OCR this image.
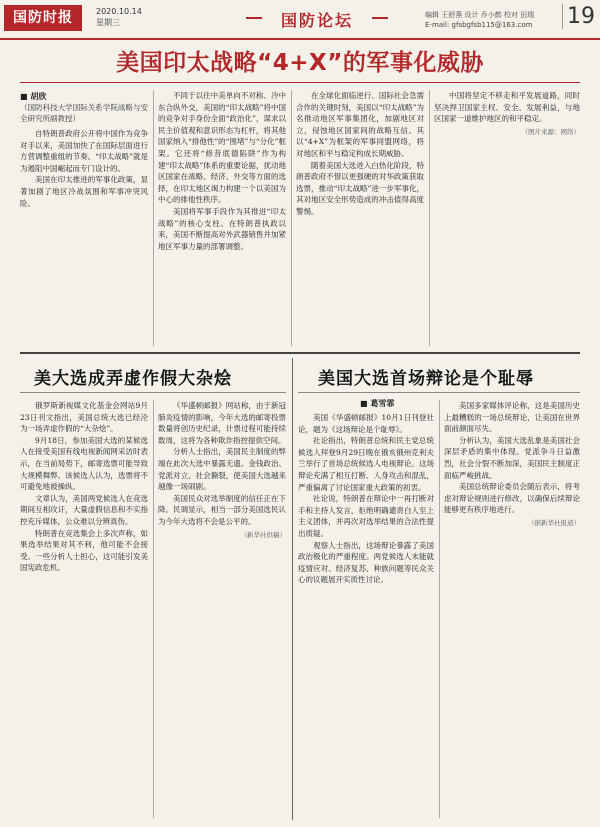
国防时报	2020.10.14
星期三	国防论坛	编辑 王舒燕 设计 乔小鹤 校对 田瑞
E-mail: gfsbgfsb115@163.com	19
美国印太战略“4+X”的军事化威胁
■ 胡欣
（国防科技大学国际关系学院战略与安全研究所副教授）

自特朗普政府公开将中国作为竞争对手以来，美国加快了在国际层面进行方营调整重组的节奏。“印太战略”就是为遏阻中国崛起而专门设计的。

美国在印太推进的军事化政策，显著加剧了地区冷战氛围和军事冲突风险。

不同于以往中美单向不对称、冷中东合纵外交，美国的“印太战略”将中国的竞争对手身份全面“政治化”，谋求以民主价值观和意识形态为杠杆，将其他国家纳入“排他性”的“围堵”与“分化”框架。它还将“修昔底德陷阱”作为构建“印太战略”体系的重要论据，扰动地区国家在战略、经济、外交等方面的选择，在印太地区竭力构建一个以美国为中心的排他性秩序。

美国将军事手段作为其推进“印太战略”的核心支柱。在特朗普执政以来，美国不断提高对外武器销售并加紧地区军事力量的部署调整。

在全球化面临逆行、国际社会急需合作的关键时刻，美国以“印太战略”为名推动地区军事集团化，加剧地区对立，侵蚀地区国家间的战略互信。其以“4+X”为框架的军事同盟网络，将对地区和平与稳定构成长期威胁。

随着美国大选进入白热化阶段，特朗普政府不惜以更强硬的对华政策获取选票，推动“印太战略”进一步军事化，其对地区安全形势造成的冲击值得高度警惕。

中国将坚定不移走和平发展道路，同时坚决捍卫国家主权、安全、发展利益，与地区国家一道维护地区的和平稳定。

（图片来源：网络）
美大选成弄虚作假大杂烩

俄罗斯新视媒文化基金会网站9月23日刊文指出，美国总统大选已经沦为一场弄虚作假的“大杂烩”。

9月18日，参加美国大选的某候选人在接受美国有线电视新闻网采访时表示，在当前局势下，邮寄选票可能导致大规模舞弊。该候选人认为，选票将不可避免地被操纵。

文章认为，美国两党候选人在竞选期间互相攻讦，大量虚假信息和不实指控充斥媒体，公众难以分辨真伪。

特朗普在竞选集会上多次声称，如果选举结果对其不利，他可能不会接受。一些分析人士担心，这可能引发美国宪政危机。

《华盛顿邮报》网站称，由于新冠肺炎疫情的影响，今年大选的邮寄投票数量将创历史纪录，计票过程可能持续数周，这将为各种欺诈指控提供空间。

分析人士指出，美国民主制度的弊端在此次大选中暴露无遗。金钱政治、党派对立、社会撕裂，使美国大选越来越像一场闹剧。

美国民众对选举制度的信任正在下降。民调显示，相当一部分美国选民认为今年大选将不会是公平的。

（新华社供稿）
美国大选首场辩论是个耻辱
■ 葛雪霏

美国《华盛顿邮报》10月1日刊登社论，题为《这场辩论是个耻辱》。

社论指出，特朗普总统和民主党总统候选人拜登9月29日晚在俄亥俄州克利夫兰举行了首场总统候选人电视辩论。这场辩论充满了相互打断、人身攻击和混乱，严重偏离了讨论国家重大政策的初衷。

社论说，特朗普在辩论中一再打断对手和主持人发言，拒绝明确谴责白人至上主义团体，并再次对选举结果的合法性提出质疑。

观察人士指出，这场辩论暴露了美国政治极化的严重程度。两党候选人未能就疫情应对、经济复苏、种族问题等民众关心的议题展开实质性讨论。

美国多家媒体评论称，这是美国历史上最糟糕的一场总统辩论，让美国在世界面前颜面尽失。

分析认为，美国大选乱象是美国社会深层矛盾的集中体现。党派争斗日益激烈，社会分裂不断加深，美国民主制度正面临严峻挑战。

美国总统辩论委员会随后表示，将考虑对辩论规则进行修改，以确保后续辩论能够更有秩序地进行。

（据新华社报道）
